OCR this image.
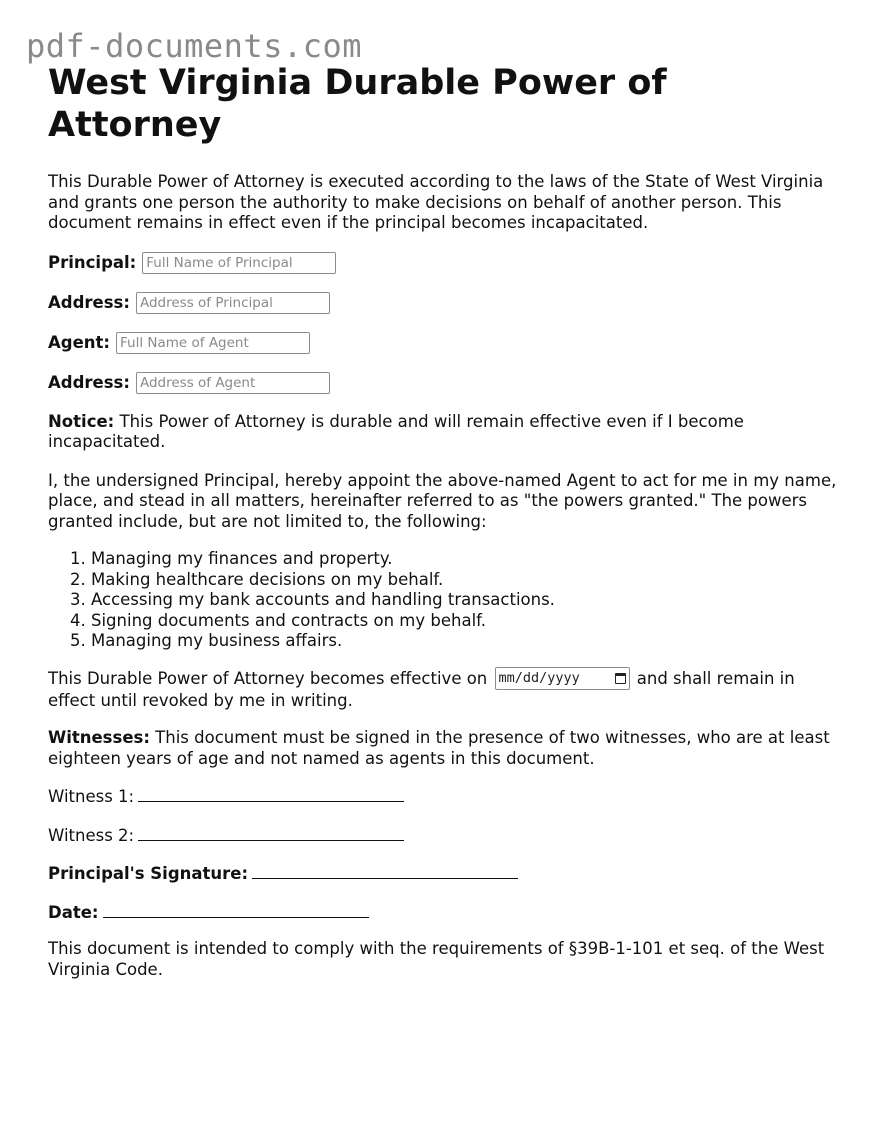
pdf-documents.com
West Virginia Durable Power of Attorney

This Durable Power of Attorney is executed according to the laws of the State of West Virginia and grants one person the authority to make decisions on behalf of another person. This document remains in effect even if the principal becomes incapacitated.

Principal:
Full Name of Principal
Address:
Address of Principal
Agent:
Full Name of Agent
Address:
Address of Agent

Notice: This Power of Attorney is durable and will remain effective even if I become incapacitated.

I, the undersigned Principal, hereby appoint the above-named Agent to act for me in my name, place, and stead in all matters, hereinafter referred to as "the powers granted." The powers granted include, but are not limited to, the following:

1. Managing my finances and property.
2. Making healthcare decisions on my behalf.
3. Accessing my bank accounts and handling transactions.
4. Signing documents and contracts on my behalf.
5. Managing my business affairs.

This Durable Power of Attorney becomes effective on mm/dd/yyyy	and shall remain in effect until revoked by me in writing.

Witnesses: This document must be signed in the presence of two witnesses, who are at least eighteen years of age and not named as agents in this document.

Witness 1:

Witness 2:

Principal's Signature:

Date:

This document is intended to comply with the requirements of §39B-1-101 et seq. of the West Virginia Code.
